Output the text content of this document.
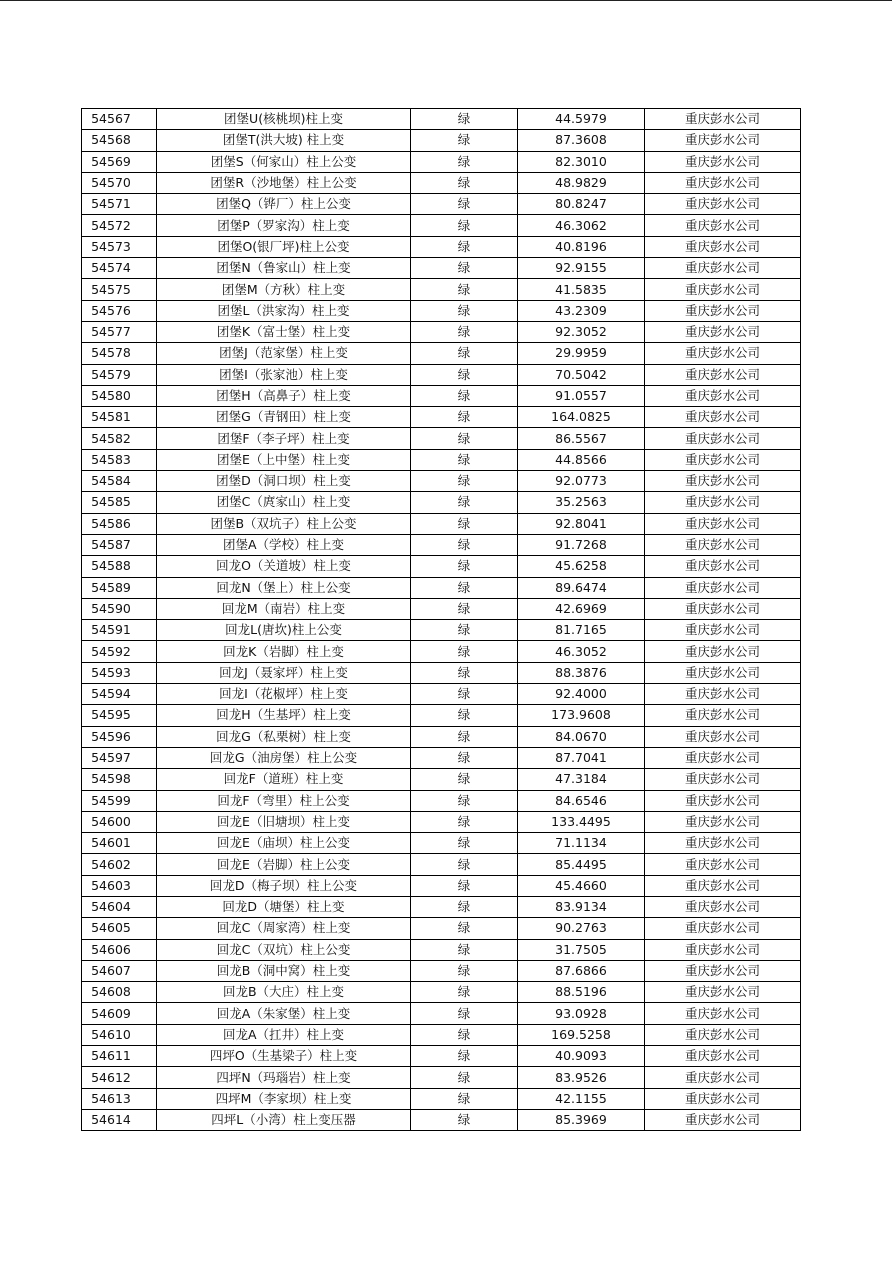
54567	团堡U(核桃坝)柱上变	绿	44.5979	重庆彭水公司
54568	团堡T(洪大坡) 柱上变	绿	87.3608	重庆彭水公司
54569	团堡S（何家山）柱上公变	绿	82.3010	重庆彭水公司
54570	团堡R（沙地堡）柱上公变	绿	48.9829	重庆彭水公司
54571	团堡Q（铧厂）柱上公变	绿	80.8247	重庆彭水公司
54572	团堡P（罗家沟）柱上变	绿	46.3062	重庆彭水公司
54573	团堡O(银厂坪)柱上公变	绿	40.8196	重庆彭水公司
54574	团堡N（鲁家山）柱上变	绿	92.9155	重庆彭水公司
54575	团堡M（方秋）柱上变	绿	41.5835	重庆彭水公司
54576	团堡L（洪家沟）柱上变	绿	43.2309	重庆彭水公司
54577	团堡K（富士堡）柱上变	绿	92.3052	重庆彭水公司
54578	团堡J（范家堡）柱上变	绿	29.9959	重庆彭水公司
54579	团堡I（张家池）柱上变	绿	70.5042	重庆彭水公司
54580	团堡H（高鼻子）柱上变	绿	91.0557	重庆彭水公司
54581	团堡G（青钢田）柱上变	绿	164.0825	重庆彭水公司
54582	团堡F（李子坪）柱上变	绿	86.5567	重庆彭水公司
54583	团堡E（上中堡）柱上变	绿	44.8566	重庆彭水公司
54584	团堡D（洞口坝）柱上变	绿	92.0773	重庆彭水公司
54585	团堡C（庹家山）柱上变	绿	35.2563	重庆彭水公司
54586	团堡B（双坑子）柱上公变	绿	92.8041	重庆彭水公司
54587	团堡A（学校）柱上变	绿	91.7268	重庆彭水公司
54588	回龙O（关道坡）柱上变	绿	45.6258	重庆彭水公司
54589	回龙N（堡上）柱上公变	绿	89.6474	重庆彭水公司
54590	回龙M（南岩）柱上变	绿	42.6969	重庆彭水公司
54591	回龙L(唐坎)柱上公变	绿	81.7165	重庆彭水公司
54592	回龙K（岩脚）柱上变	绿	46.3052	重庆彭水公司
54593	回龙J（聂家坪）柱上变	绿	88.3876	重庆彭水公司
54594	回龙I（花椒坪）柱上变	绿	92.4000	重庆彭水公司
54595	回龙H（生基坪）柱上变	绿	173.9608	重庆彭水公司
54596	回龙G（私栗树）柱上变	绿	84.0670	重庆彭水公司
54597	回龙G（油房堡）柱上公变	绿	87.7041	重庆彭水公司
54598	回龙F（道班）柱上变	绿	47.3184	重庆彭水公司
54599	回龙F（弯里）柱上公变	绿	84.6546	重庆彭水公司
54600	回龙E（旧塘坝）柱上变	绿	133.4495	重庆彭水公司
54601	回龙E（庙坝）柱上公变	绿	71.1134	重庆彭水公司
54602	回龙E（岩脚）柱上公变	绿	85.4495	重庆彭水公司
54603	回龙D（梅子坝）柱上公变	绿	45.4660	重庆彭水公司
54604	回龙D（塘堡）柱上变	绿	83.9134	重庆彭水公司
54605	回龙C（周家湾）柱上变	绿	90.2763	重庆彭水公司
54606	回龙C（双坑）柱上公变	绿	31.7505	重庆彭水公司
54607	回龙B（洞中窝）柱上变	绿	87.6866	重庆彭水公司
54608	回龙B（大庄）柱上变	绿	88.5196	重庆彭水公司
54609	回龙A（朱家堡）柱上变	绿	93.0928	重庆彭水公司
54610	回龙A（扛井）柱上变	绿	169.5258	重庆彭水公司
54611	四坪O（生基梁子）柱上变	绿	40.9093	重庆彭水公司
54612	四坪N（玛瑙岩）柱上变	绿	83.9526	重庆彭水公司
54613	四坪M（李家坝）柱上变	绿	42.1155	重庆彭水公司
54614	四坪L（小湾）柱上变压器	绿	85.3969	重庆彭水公司
